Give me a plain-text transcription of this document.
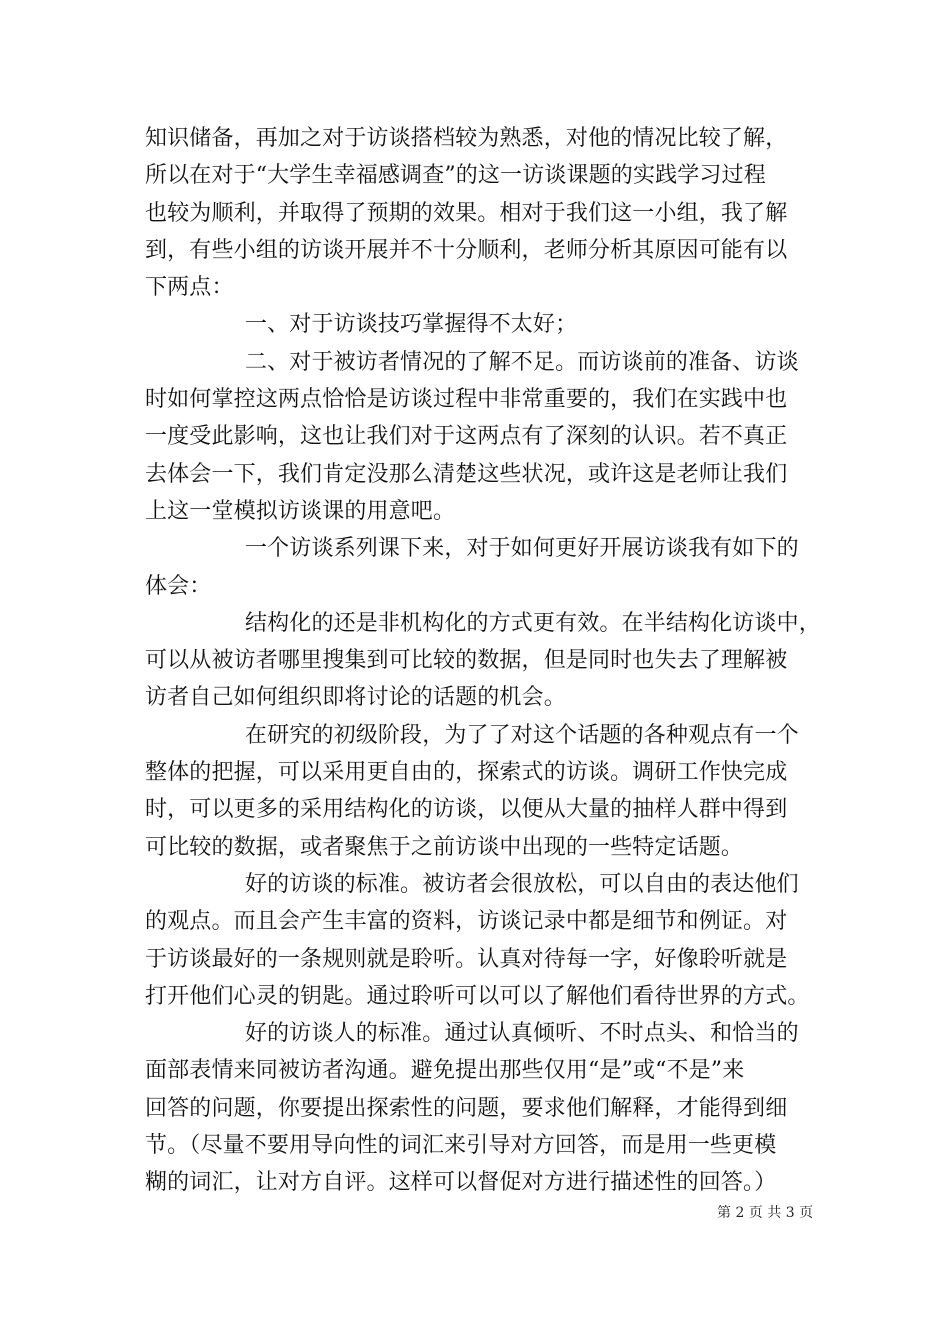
知识储备，再加之对于访谈搭档较为熟悉，对他的情况比较了解，
所以在对于“大学生幸福感调查”的这一访谈课题的实践学习过程
也较为顺利，并取得了预期的效果。相对于我们这一小组，我了解
到，有些小组的访谈开展并不十分顺利，老师分析其原因可能有以
下两点：
一、对于访谈技巧掌握得不太好；
二、对于被访者情况的了解不足。而访谈前的准备、访谈
时如何掌控这两点恰恰是访谈过程中非常重要的，我们在实践中也
一度受此影响，这也让我们对于这两点有了深刻的认识。若不真正
去体会一下，我们肯定没那么清楚这些状况，或许这是老师让我们
上这一堂模拟访谈课的用意吧。
一个访谈系列课下来，对于如何更好开展访谈我有如下的
体会：
结构化的还是非机构化的方式更有效。在半结构化访谈中，
可以从被访者哪里搜集到可比较的数据，但是同时也失去了理解被
访者自己如何组织即将讨论的话题的机会。
在研究的初级阶段，为了了对这个话题的各种观点有一个
整体的把握，可以采用更自由的，探索式的访谈。调研工作快完成
时，可以更多的采用结构化的访谈，以便从大量的抽样人群中得到
可比较的数据，或者聚焦于之前访谈中出现的一些特定话题。
好的访谈的标准。被访者会很放松，可以自由的表达他们
的观点。而且会产生丰富的资料，访谈记录中都是细节和例证。对
于访谈最好的一条规则就是聆听。认真对待每一字，好像聆听就是
打开他们心灵的钥匙。通过聆听可以可以了解他们看待世界的方式。
好的访谈人的标准。通过认真倾听、不时点头、和恰当的
面部表情来同被访者沟通。避免提出那些仅用“是”或“不是”来
回答的问题，你要提出探索性的问题，要求他们解释，才能得到细
节。（尽量不要用导向性的词汇来引导对方回答，而是用一些更模
糊的词汇，让对方自评。这样可以督促对方进行描述性的回答。）
第 2 页 共 3 页
